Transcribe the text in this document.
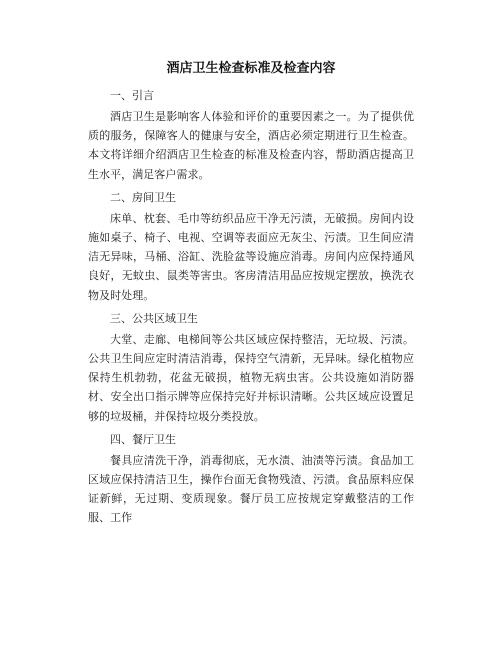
酒店卫生检查标准及检查内容

一、引言

酒店卫生是影响客人体验和评价的重要因素之一。为了提供优质的服务，保障客人的健康与安全，酒店必须定期进行卫生检查。本文将详细介绍酒店卫生检查的标准及检查内容，帮助酒店提高卫生水平，满足客户需求。

二、房间卫生

床单、枕套、毛巾等纺织品应干净无污渍，无破损。房间内设施如桌子、椅子、电视、空调等表面应无灰尘、污渍。卫生间应清洁无异味，马桶、浴缸、洗脸盆等设施应消毒。房间内应保持通风良好，无蚊虫、鼠类等害虫。客房清洁用品应按规定摆放，换洗衣物及时处理。

三、公共区域卫生

大堂、走廊、电梯间等公共区域应保持整洁，无垃圾、污渍。公共卫生间应定时清洁消毒，保持空气清新，无异味。绿化植物应保持生机勃勃，花盆无破损，植物无病虫害。公共设施如消防器材、安全出口指示牌等应保持完好并标识清晰。公共区域应设置足够的垃圾桶，并保持垃圾分类投放。

四、餐厅卫生

餐具应清洗干净，消毒彻底，无水渍、油渍等污渍。食品加工区域应保持清洁卫生，操作台面无食物残渣、污渍。食品原料应保证新鲜，无过期、变质现象。餐厅员工应按规定穿戴整洁的工作服、工作
